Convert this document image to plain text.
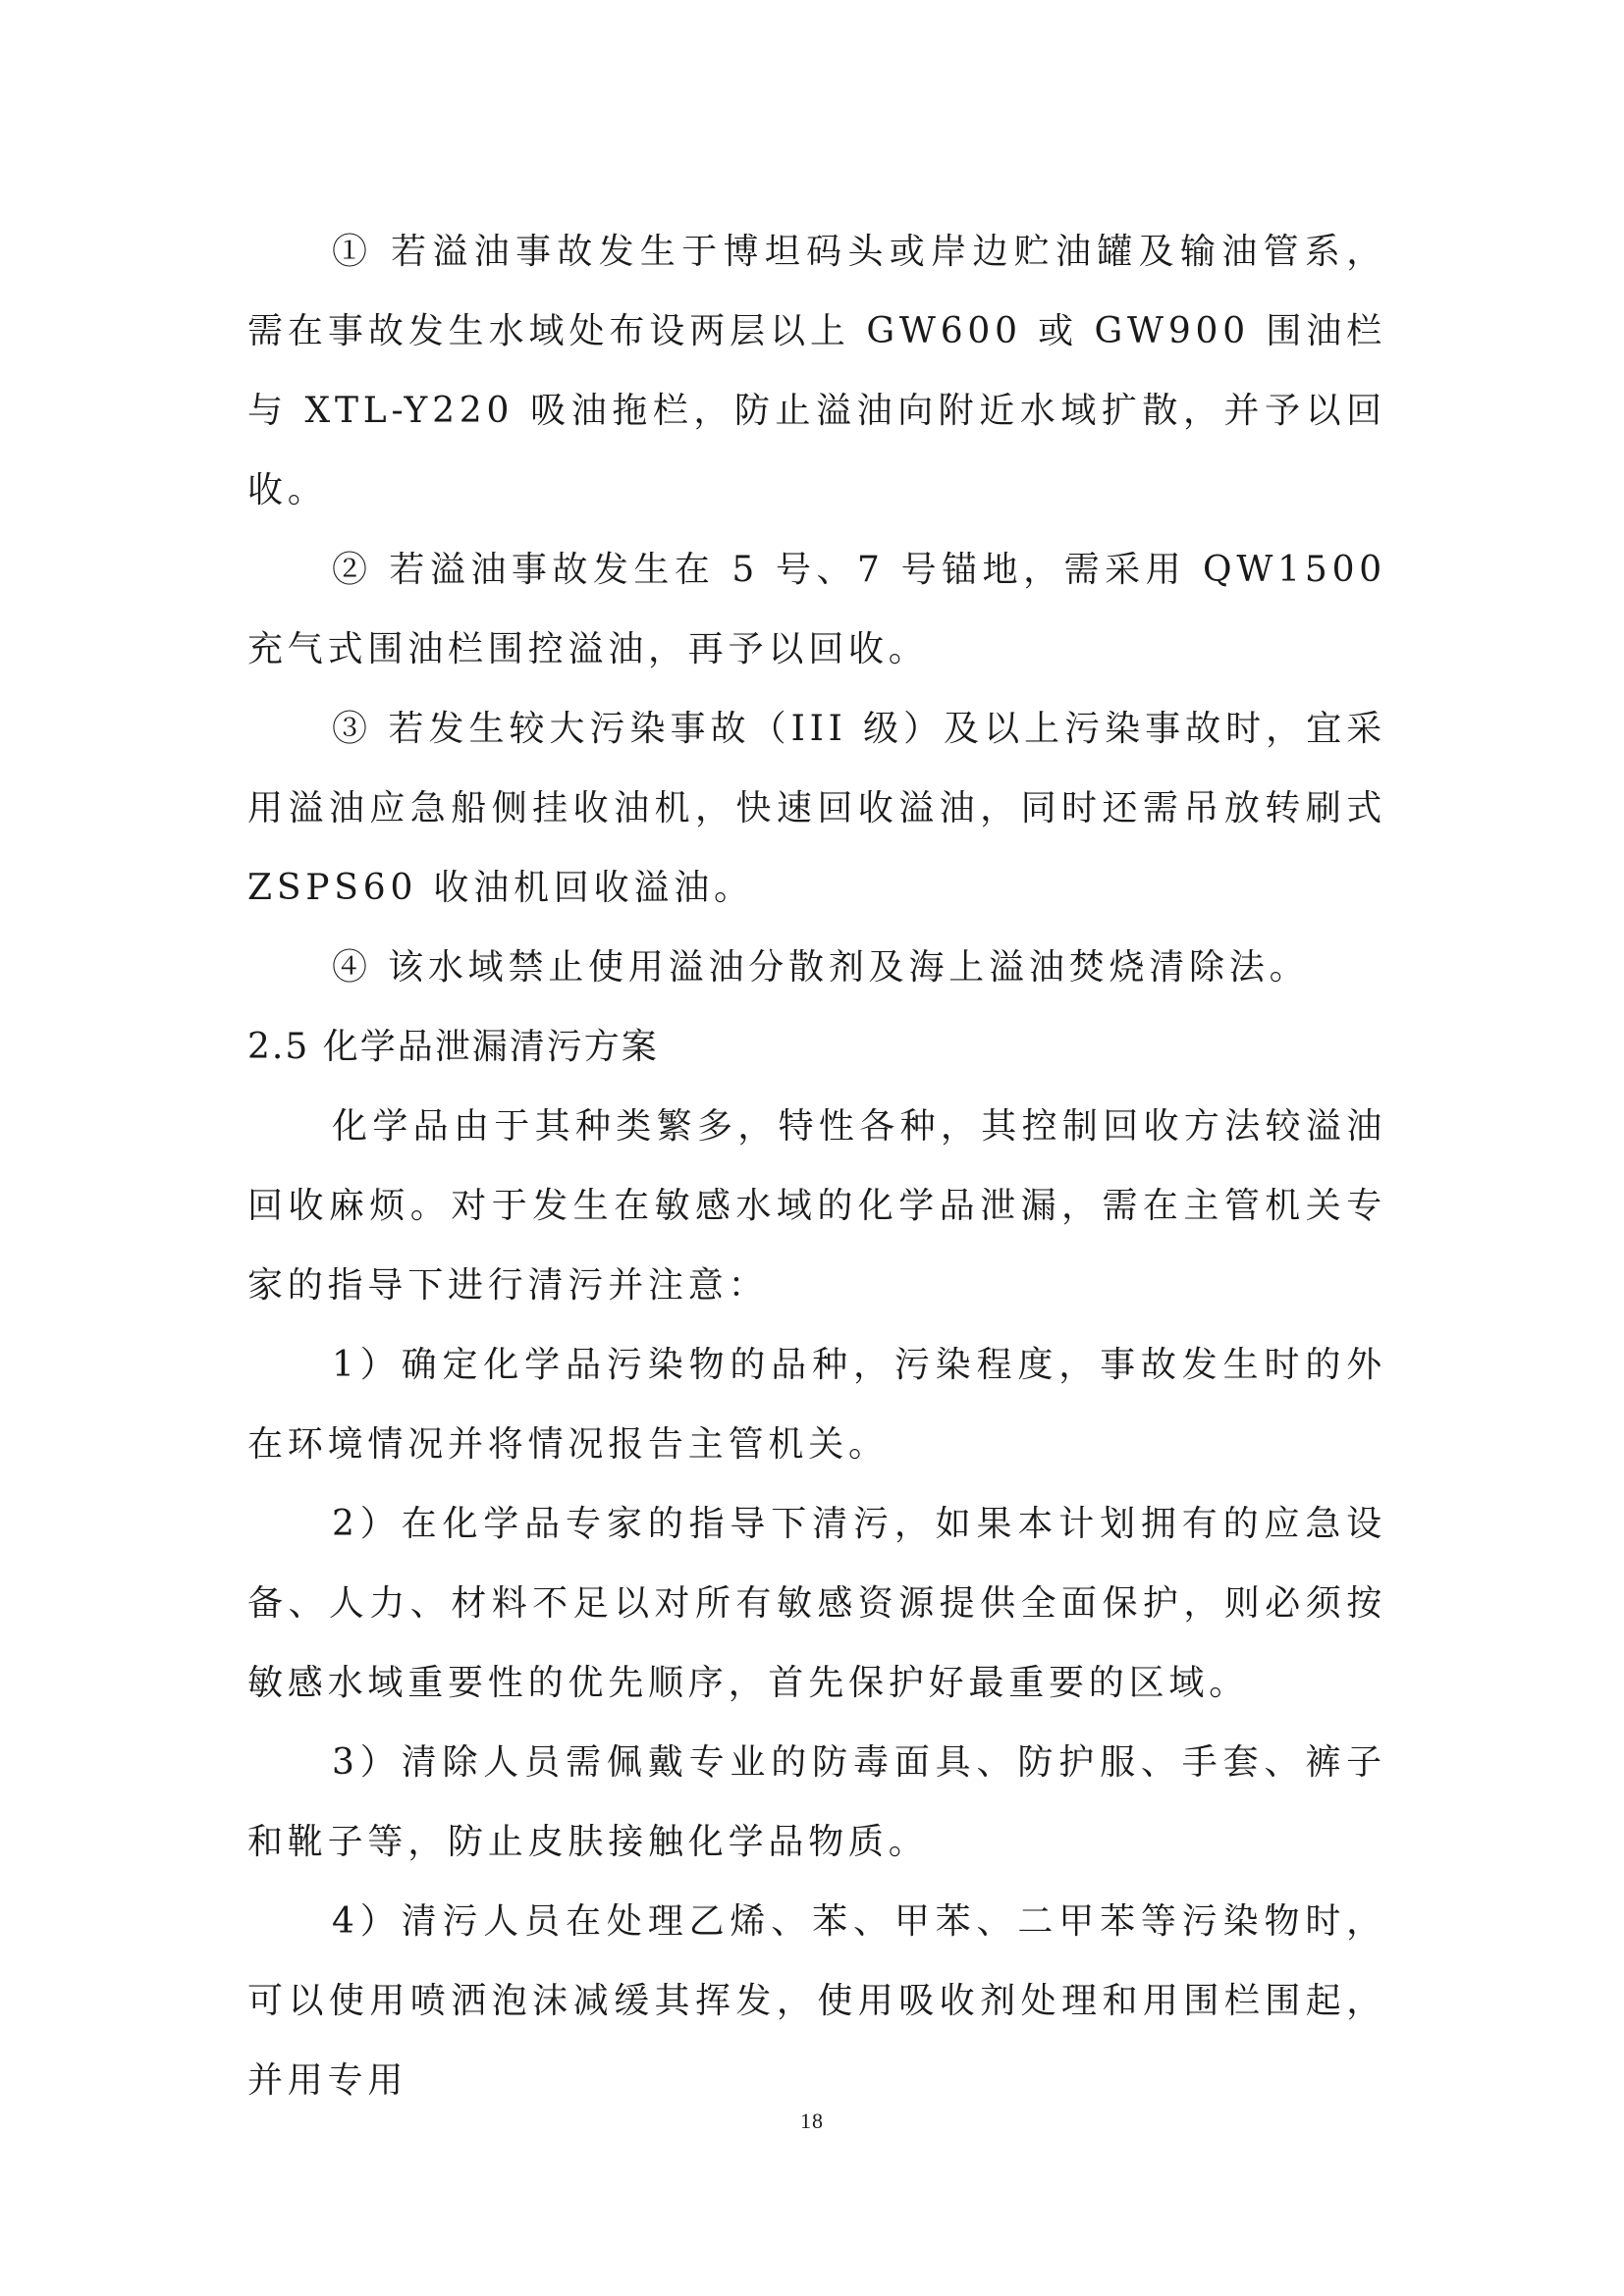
① 若溢油事故发生于博坦码头或岸边贮油罐及输油管系，需在事故发生水域处布设两层以上 GW600 或 GW900 围油栏与 XTL-Y220 吸油拖栏，防止溢油向附近水域扩散，并予以回收。

② 若溢油事故发生在 5 号、7 号锚地，需采用 QW1500 充气式围油栏围控溢油，再予以回收。

③ 若发生较大污染事故（III 级）及以上污染事故时，宜采用溢油应急船侧挂收油机，快速回收溢油，同时还需吊放转刷式 ZSPS60 收油机回收溢油。

④ 该水域禁止使用溢油分散剂及海上溢油焚烧清除法。

2.5 化学品泄漏清污方案

化学品由于其种类繁多，特性各种，其控制回收方法较溢油回收麻烦。对于发生在敏感水域的化学品泄漏，需在主管机关专家的指导下进行清污并注意：

1）确定化学品污染物的品种，污染程度，事故发生时的外在环境情况并将情况报告主管机关。

2）在化学品专家的指导下清污，如果本计划拥有的应急设备、人力、材料不足以对所有敏感资源提供全面保护，则必须按敏感水域重要性的优先顺序，首先保护好最重要的区域。

3）清除人员需佩戴专业的防毒面具、防护服、手套、裤子和靴子等，防止皮肤接触化学品物质。

4）清污人员在处理乙烯、苯、甲苯、二甲苯等污染物时，可以使用喷洒泡沫减缓其挥发，使用吸收剂处理和用围栏围起，并用专用

18
